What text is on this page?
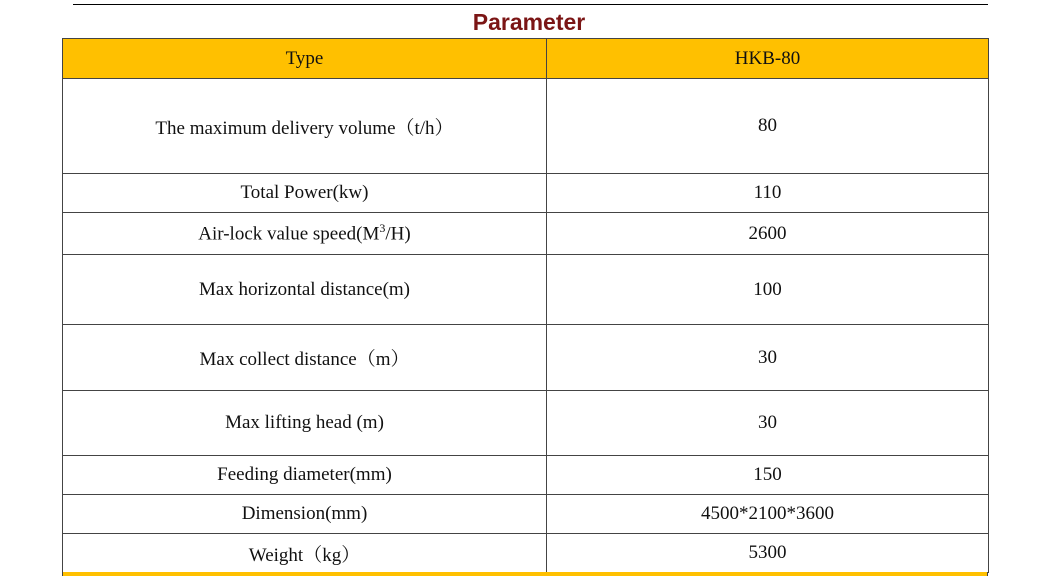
Parameter
Type	HKB-80
The maximum delivery volume（t/h）	80
Total Power(kw)	110
Air-lock value $speed(M^3/H)$	2600
Max horizontal distance(m)	100
Max collect distance（m）	30
Max lifting head (m)	30
Feeding diameter(mm)	150
Dimension(mm)	4500*2100*3600
Weight（kg）	5300
